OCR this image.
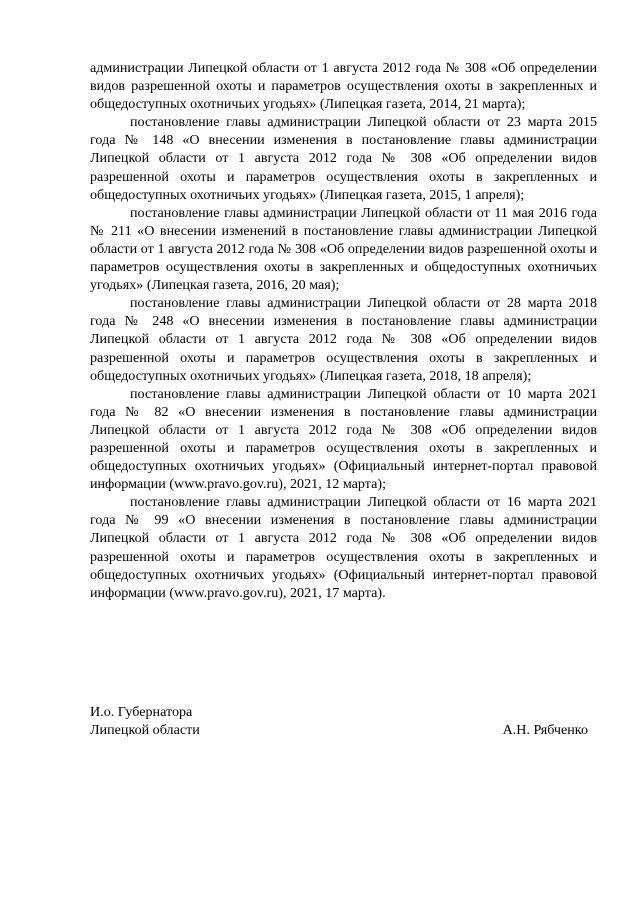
администрации Липецкой области от 1 августа 2012 года № 308 «Об определении видов разрешенной охоты и параметров осуществления охоты в закрепленных и общедоступных охотничьих угодьях» (Липецкая газета, 2014, 21 марта);

постановление главы администрации Липецкой области от 23 марта 2015 года № 148 «О внесении изменения в постановление главы администрации Липецкой области от 1 августа 2012 года № 308 «Об определении видов разрешенной охоты и параметров осуществления охоты в закрепленных и общедоступных охотничьих угодьях» (Липецкая газета, 2015, 1 апреля);

постановление главы администрации Липецкой области от 11 мая 2016 года № 211 «О внесении изменений в постановление главы администрации Липецкой области от 1 августа 2012 года № 308 «Об определении видов разрешенной охоты и параметров осуществления охоты в закрепленных и общедоступных охотничьих угодьях» (Липецкая газета, 2016, 20 мая);

постановление главы администрации Липецкой области от 28 марта 2018 года № 248 «О внесении изменения в постановление главы администрации Липецкой области от 1 августа 2012 года № 308 «Об определении видов разрешенной охоты и параметров осуществления охоты в закрепленных и общедоступных охотничьих угодьях» (Липецкая газета, 2018, 18 апреля);

постановление главы администрации Липецкой области от 10 марта 2021 года № 82 «О внесении изменения в постановление главы администрации Липецкой области от 1 августа 2012 года № 308 «Об определении видов разрешенной охоты и параметров осуществления охоты в закрепленных и общедоступных охотничьих угодьях» (Официальный интернет-портал правовой информации (www.pravo.gov.ru), 2021, 12 марта);

постановление главы администрации Липецкой области от 16 марта 2021 года № 99 «О внесении изменения в постановление главы администрации Липецкой области от 1 августа 2012 года № 308 «Об определении видов разрешенной охоты и параметров осуществления охоты в закрепленных и общедоступных охотничьих угодьях» (Официальный интернет-портал правовой информации (www.pravo.gov.ru), 2021, 17 марта).

И.о. Губернатора
Липецкой области	А.Н. Рябченко
